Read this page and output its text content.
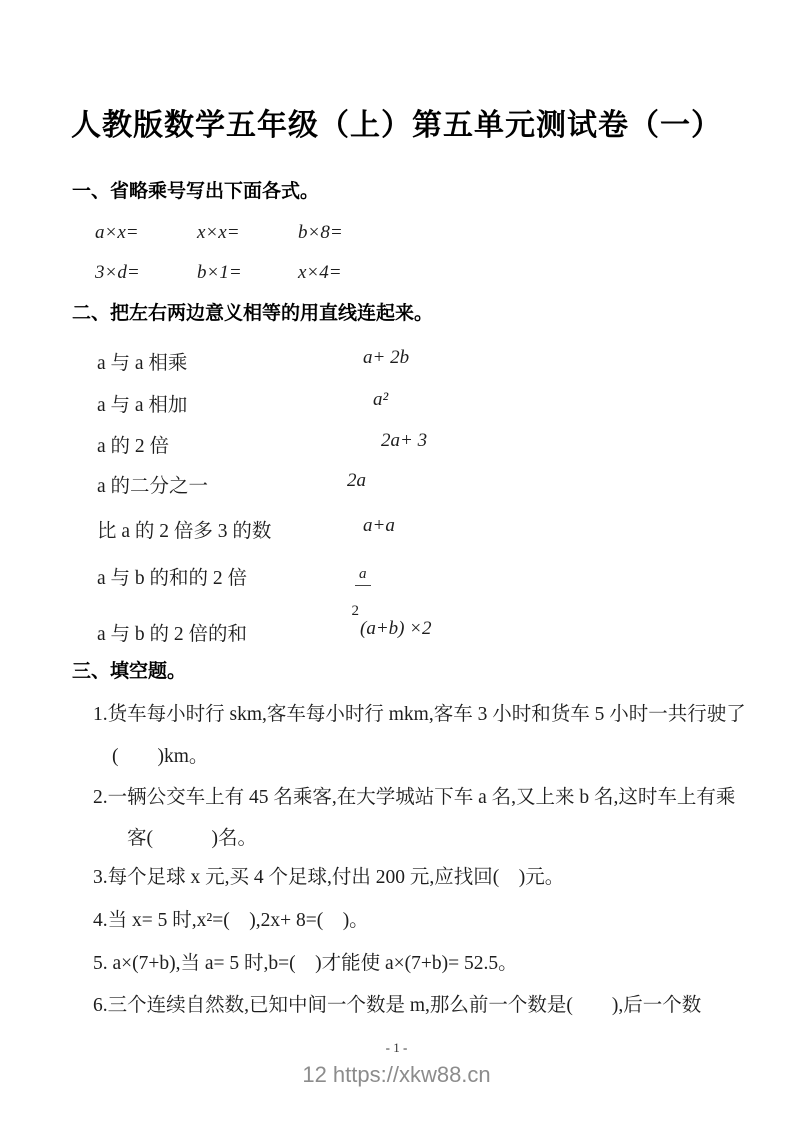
人教版数学五年级（上）第五单元测试卷（一）
一、省略乘号写出下面各式。
a×x=	x×x=	b×8=
3×d=	b×1=	x×4=
二、把左右两边意义相等的用直线连起来。
a 与 a 相乘
a 与 a 相加
a 的 2 倍
a 的二分之一
比 a 的 2 倍多 3 的数
a 与 b 的和的 2 倍
a 与 b 的 2 倍的和
a+ 2b
a²
2a+ 3
2a
a+a

$\frac{a}{2}$

(a+b) ×2
三、填空题。
1.货车每小时行 skm,客车每小时行 mkm,客车 3 小时和货车 5 小时一共行驶了
(　　)km。
2.一辆公交车上有 45 名乘客,在大学城站下车 a 名,又上来 b 名,这时车上有乘
客(　　　)名。
3.每个足球 x 元,买 4 个足球,付出 200 元,应找回(　)元。
4.当 x= 5 时,x²=(　),2x+ 8=(　)。
5. a×(7+b),当 a= 5 时,b=(　)才能使 a×(7+b)= 52.5。
6.三个连续自然数,已知中间一个数是 m,那么前一个数是(　　),后一个数
- 1 -
12 https://xkw88.cn
